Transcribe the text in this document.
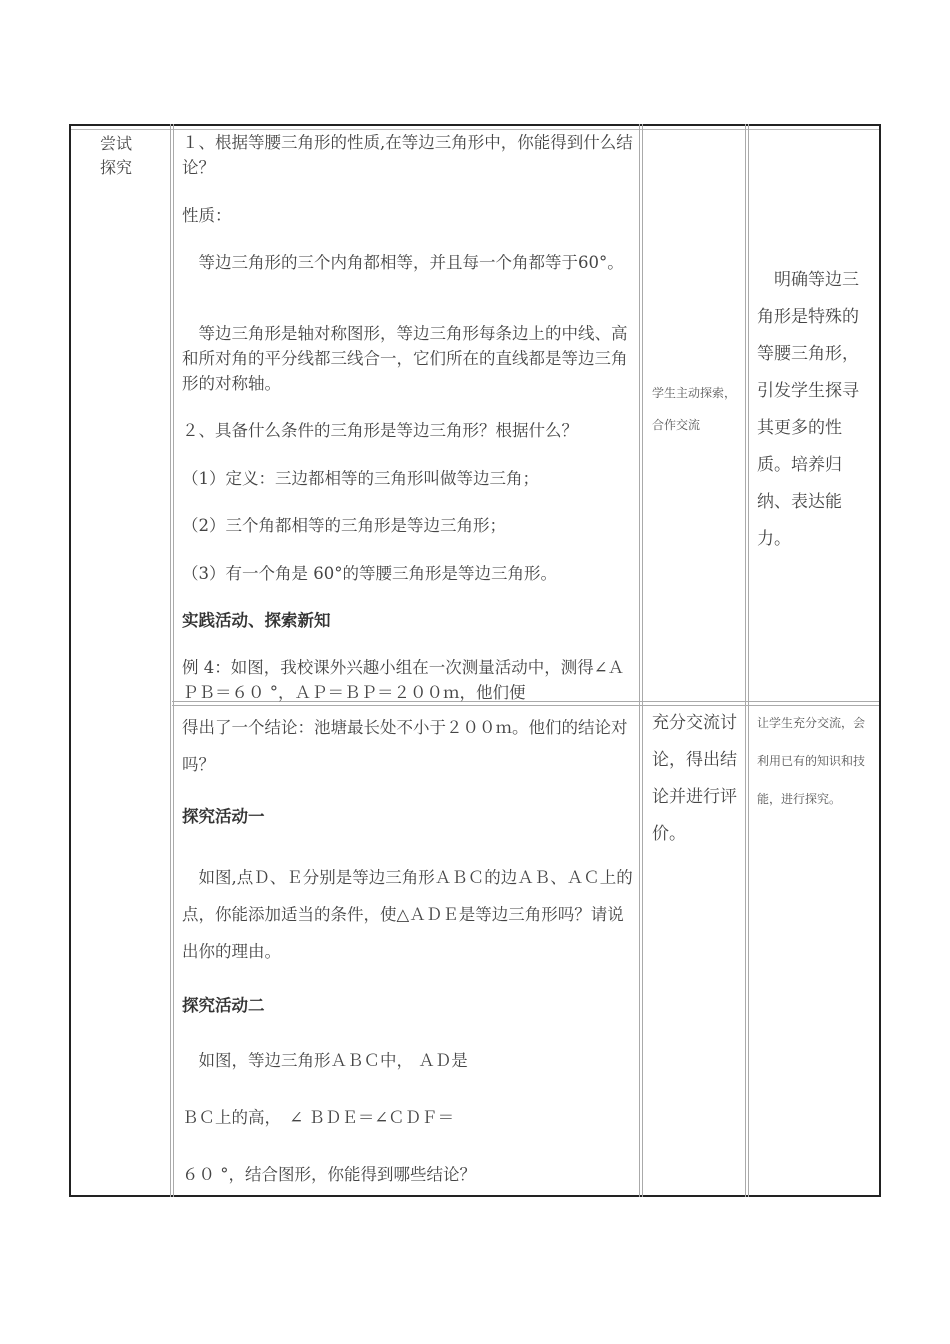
尝试探究
１、根据等腰三角形的性质,在等边三角形中，你能得到什么结论？
性质：
　等边三角形的三个内角都相等，并且每一个角都等于60°。
　等边三角形是轴对称图形，等边三角形每条边上的中线、高和所对角的平分线都三线合一，它们所在的直线都是等边三角形的对称轴。
２、具备什么条件的三角形是等边三角形？根据什么？
（1）定义：三边都相等的三角形叫做等边三角；
（2）三个角都相等的三角形是等边三角形；
（3）有一个角是 60°的等腰三角形是等边三角形。
实践活动、探索新知
例 4：如图，我校课外兴趣小组在一次测量活动中，测得∠ＡＰＢ＝６０ °，ＡＰ＝ＢＰ＝２００ｍ，他们便
学生主动探索，合作交流
　明确等边三角形是特殊的等腰三角形，引发学生探寻其更多的性质。培养归纳、表达能力。
得出了一个结论：池塘最长处不小于２００ｍ。他们的结论对吗？
探究活动一
　如图,点Ｄ、Ｅ分别是等边三角形ＡＢＣ的边ＡＢ、ＡＣ上的点，你能添加适当的条件，使△ＡＤＥ是等边三角形吗？请说出你的理由。
探究活动二
　如图，等边三角形ＡＢＣ中， ＡＤ是
ＢＣ上的高，　∠ ＢＤＥ＝∠ＣＤＦ＝
６０ °，结合图形，你能得到哪些结论？
充分交流讨论，得出结论并进行评价。
让学生充分交流，会利用已有的知识和技能，进行探究。
